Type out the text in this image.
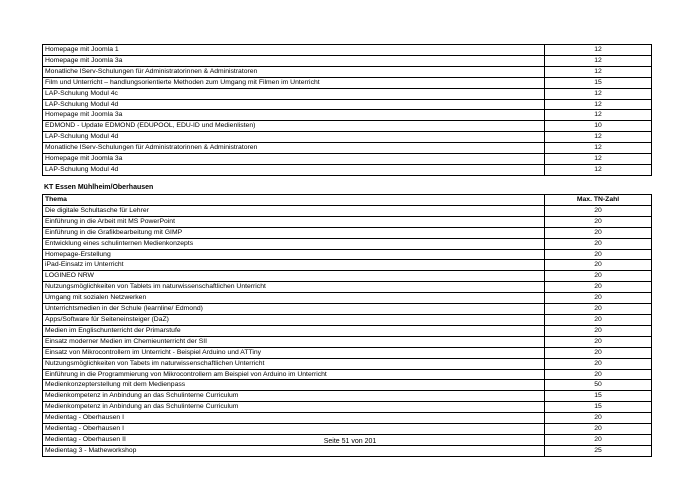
Homepage mit Joomla 1	12
Homepage mit Joomla 3a	12
Monatliche IServ-Schulungen für Administratorinnen & Administratoren	12
Film und Unterricht – handlungsorientierte Methoden zum Umgang mit Filmen im Unterricht	15
LAP-Schulung Modul 4c	12
LAP-Schulung Modul 4d	12
Homepage mit Joomla 3a	12
EDMOND - Update EDMOND (EDUPOOL, EDU-ID und Medienlisten)	10
LAP-Schulung Modul 4d	12
Monatliche IServ-Schulungen für Administratorinnen & Administratoren	12
Homepage mit Joomla 3a	12
LAP-Schulung Modul 4d	12
KT Essen Mühlheim/Oberhausen
Thema	Max. TN-Zahl
Die digitale Schultasche für Lehrer	20
Einführung in die Arbeit mit MS PowerPoint	20
Einführung in die Grafikbearbeitung mit GIMP	20
Entwicklung eines schulinternen Medienkonzepts	20
Homepage-Erstellung	20
iPad-Einsatz im Unterricht	20
LOGINEO NRW	20
Nutzungsmöglichkeiten von Tablets im naturwissenschaftlichen Unterricht	20
Umgang mit sozialen Netzwerken	20
Unterrichtsmedien in der Schule (learnline/ Edmond)	20
Apps/Software für Seiteneinsteiger (DaZ)	20
Medien im Englischunterricht der Primarstufe	20
Einsatz moderner Medien im Chemieunterricht der SII	20
Einsatz von Mikrocontrollern im Unterricht - Beispiel Arduino und ATTiny	20
Nutzungsmöglichkeiten von Tabets im naturwissenschaftlichen Unterricht	20
Einführung in die Programmierung von Mikrocontrollern am Beispiel von Arduino im Unterricht	20
Medienkonzepterstellung mit dem Medienpass	50
Medienkompetenz in Anbindung an das Schulinterne Curriculum	15
Medienkompetenz in Anbindung an das Schulinterne Curriculum	15
Medientag - Oberhausen I	20
Medientag - Oberhausen I	20
Medientag - Oberhausen II	20
Medientag 3 - Matheworkshop	25
Seite 51 von 201
